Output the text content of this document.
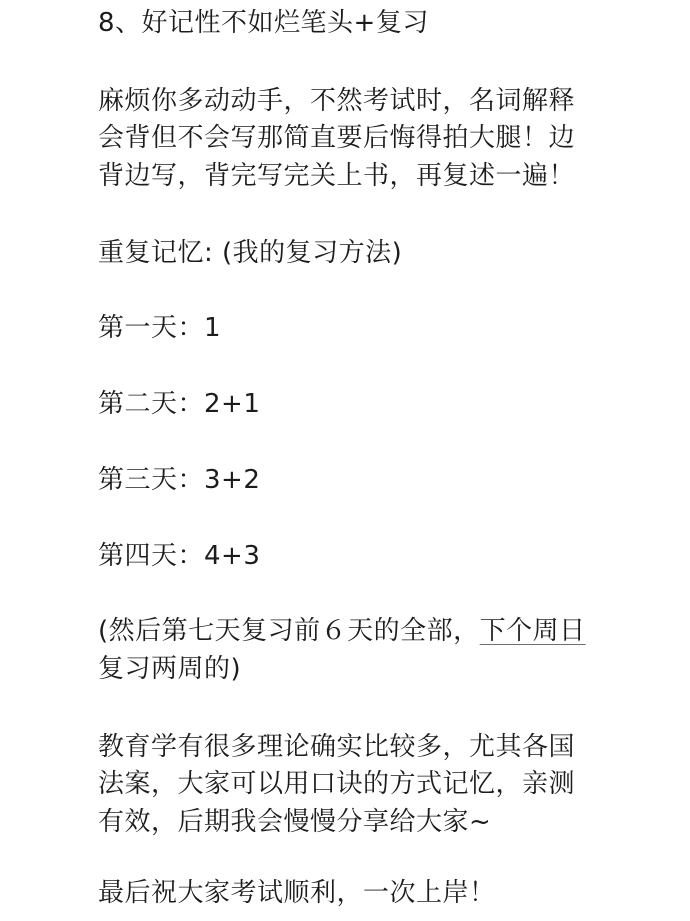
8、好记性不如烂笔头+复习
麻烦你多动动手，不然考试时，名词解释
会背但不会写那简直要后悔得拍大腿！边
背边写，背完写完关上书，再复述一遍！
重复记忆: (我的复习方法)
第一天：1
第二天：2+1
第三天：3+2
第四天：4+3
(然后第七天复习前６天的全部，下个周日
复习两周的)
教育学有很多理论确实比较多，尤其各国
法案，大家可以用口诀的方式记忆，亲测
有效，后期我会慢慢分享给大家~
最后祝大家考试顺利，一次上岸！
